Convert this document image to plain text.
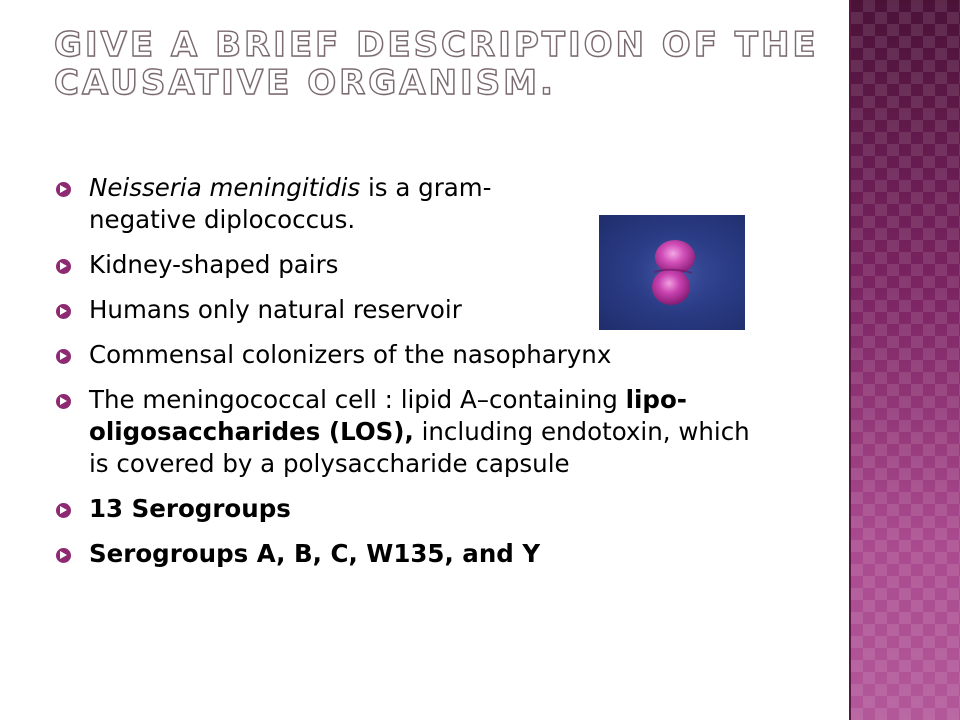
GIVE A BRIEF DESCRIPTION OF THE CAUSATIVE ORGANISM.
Neisseria meningitidis is a gram-negative diplococcus.
Kidney-shaped pairs
Humans only natural reservoir
Commensal colonizers of the nasopharynx
The meningococcal cell : lipid A–containing lipo-oligosaccharides (LOS), including endotoxin, which is covered by a polysaccharide capsule
13 Serogroups
Serogroups A, B, C, W135, and Y
